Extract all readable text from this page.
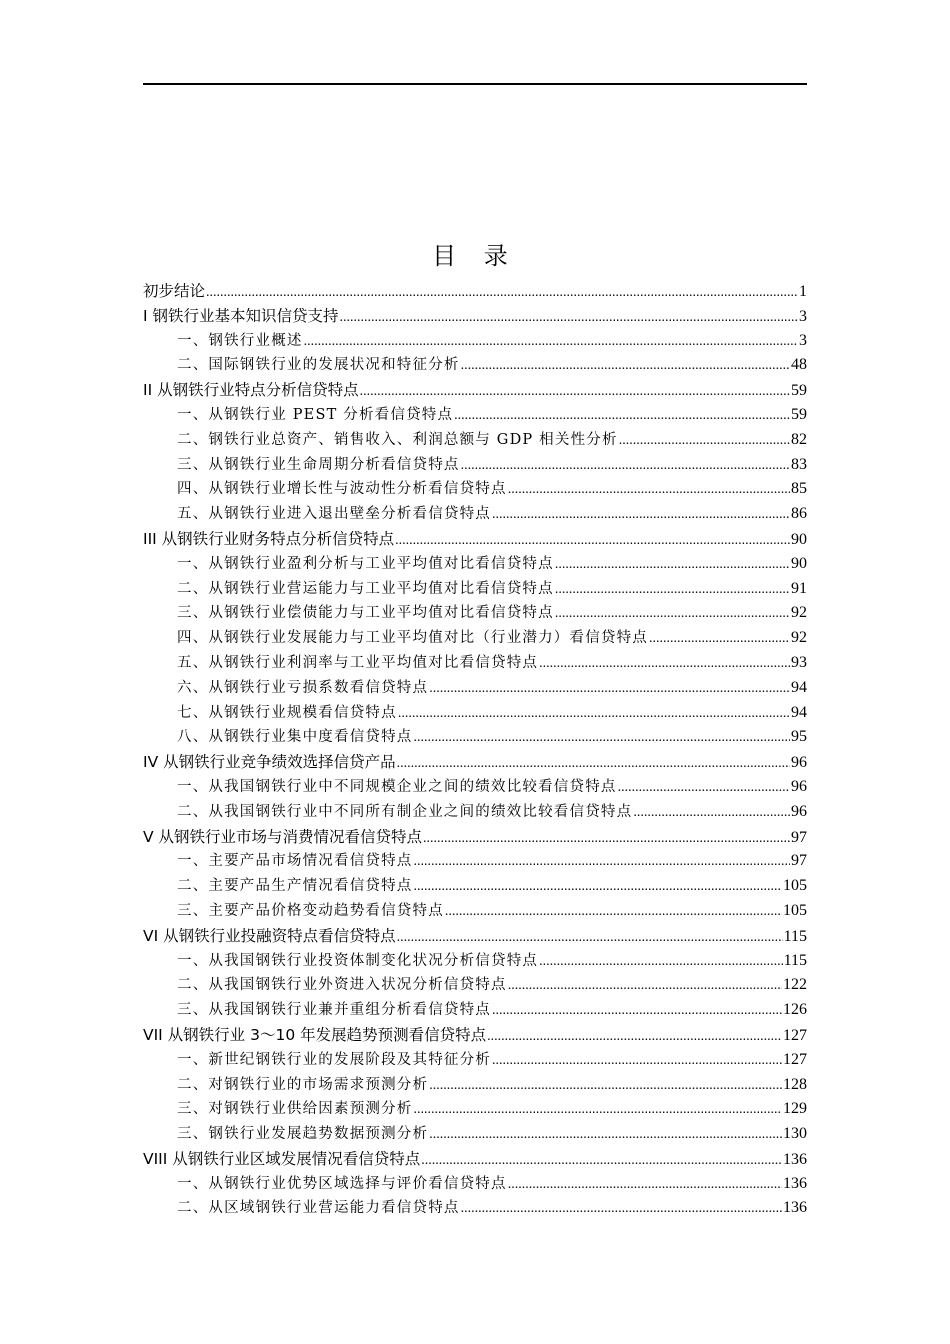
目 录
初步结论 .....	1
I 钢铁行业基本知识信贷支持 .....	3
一、钢铁行业概述 .....	3
二、国际钢铁行业的发展状况和特征分析 .....	48
II 从钢铁行业特点分析信贷特点 .....	59
一、从钢铁行业 PEST 分析看信贷特点 .....	59
二、钢铁行业总资产、销售收入、利润总额与 GDP 相关性分析 .....	82
三、从钢铁行业生命周期分析看信贷特点 .....	83
四、从钢铁行业增长性与波动性分析看信贷特点 .....	85
五、从钢铁行业进入退出壁垒分析看信贷特点 .....	86
III 从钢铁行业财务特点分析信贷特点 .....	90
一、从钢铁行业盈利分析与工业平均值对比看信贷特点 .....	90
二、从钢铁行业营运能力与工业平均值对比看信贷特点 .....	91
三、从钢铁行业偿债能力与工业平均值对比看信贷特点 .....	92
四、从钢铁行业发展能力与工业平均值对比（行业潜力）看信贷特点 .....	92
五、从钢铁行业利润率与工业平均值对比看信贷特点 .....	93
六、从钢铁行业亏损系数看信贷特点 .....	94
七、从钢铁行业规模看信贷特点 .....	94
八、从钢铁行业集中度看信贷特点 .....	95
IV 从钢铁行业竞争绩效选择信贷产品 .....	96
一、从我国钢铁行业中不同规模企业之间的绩效比较看信贷特点 .....	96
二、从我国钢铁行业中不同所有制企业之间的绩效比较看信贷特点 .....	96
V 从钢铁行业市场与消费情况看信贷特点 .....	97
一、主要产品市场情况看信贷特点 .....	97
二、主要产品生产情况看信贷特点 .....	105
三、主要产品价格变动趋势看信贷特点 .....	105
VI 从钢铁行业投融资特点看信贷特点 .....	115
一、从我国钢铁行业投资体制变化状况分析信贷特点 .....	115
二、从我国钢铁行业外资进入状况分析信贷特点 .....	122
三、从我国钢铁行业兼并重组分析看信贷特点 .....	126
VII 从钢铁行业 3～10 年发展趋势预测看信贷特点 .....	127
一、新世纪钢铁行业的发展阶段及其特征分析 .....	127
二、对钢铁行业的市场需求预测分析 .....	128
三、对钢铁行业供给因素预测分析 .....	129
三、钢铁行业发展趋势数据预测分析 .....	130
VIII 从钢铁行业区域发展情况看信贷特点 .....	136
一、从钢铁行业优势区域选择与评价看信贷特点 .....	136
二、从区域钢铁行业营运能力看信贷特点 .....	136
